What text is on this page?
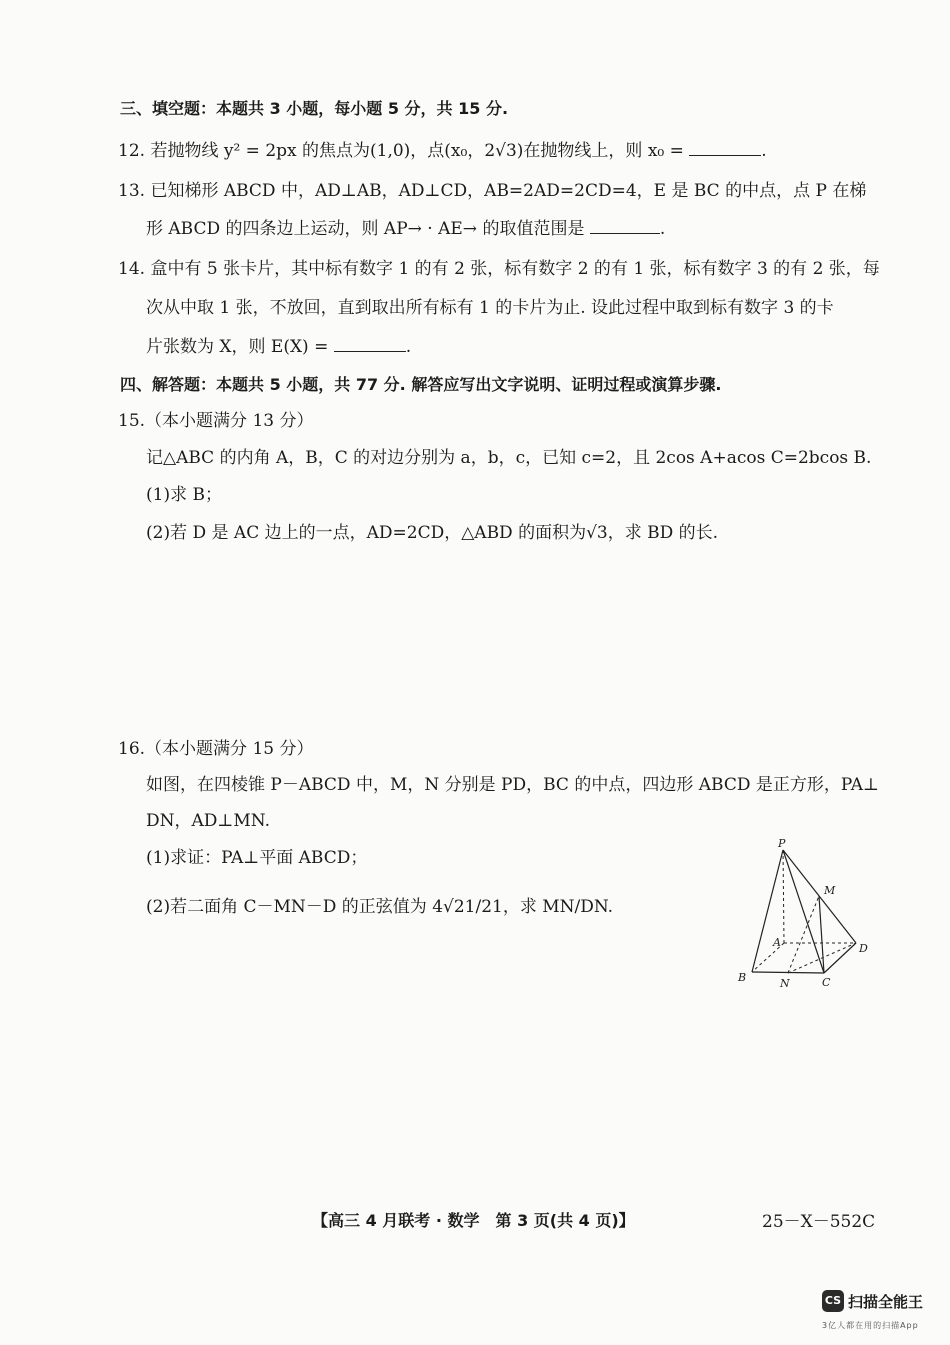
三、填空题：本题共 3 小题，每小题 5 分，共 15 分.
12. 若抛物线 y² = 2px 的焦点为(1,0)，点(x₀，2√3)在抛物线上，则 x₀ =	.
13. 已知梯形 ABCD 中，AD⊥AB，AD⊥CD，AB=2AD=2CD=4，E 是 BC 的中点，点 P 在梯
形 ABCD 的四条边上运动，则 AP→ · AE→ 的取值范围是	.
14. 盒中有 5 张卡片，其中标有数字 1 的有 2 张，标有数字 2 的有 1 张，标有数字 3 的有 2 张，每
次从中取 1 张，不放回，直到取出所有标有 1 的卡片为止. 设此过程中取到标有数字 3 的卡
片张数为 X，则 E(X) =	.
四、解答题：本题共 5 小题，共 77 分. 解答应写出文字说明、证明过程或演算步骤.
15.（本小题满分 13 分）
记△ABC 的内角 A，B，C 的对边分别为 a，b，c，已知 c=2，且 2cos A+acos C=2bcos B.
(1)求 B；
(2)若 D 是 AC 边上的一点，AD=2CD，△ABD 的面积为√3，求 BD 的长.
16.（本小题满分 15 分）
如图，在四棱锥 P－ABCD 中，M，N 分别是 PD，BC 的中点，四边形 ABCD 是正方形，PA⊥
DN，AD⊥MN.
(1)求证：PA⊥平面 ABCD；
(2)若二面角 C－MN－D 的正弦值为 4√21/21，求 MN/DN.
P
M
A	D
B	N	C
【高三 4 月联考 · 数学　第 3 页(共 4 页)】	25－X－552C
CS 扫描全能王
3亿人都在用的扫描App
